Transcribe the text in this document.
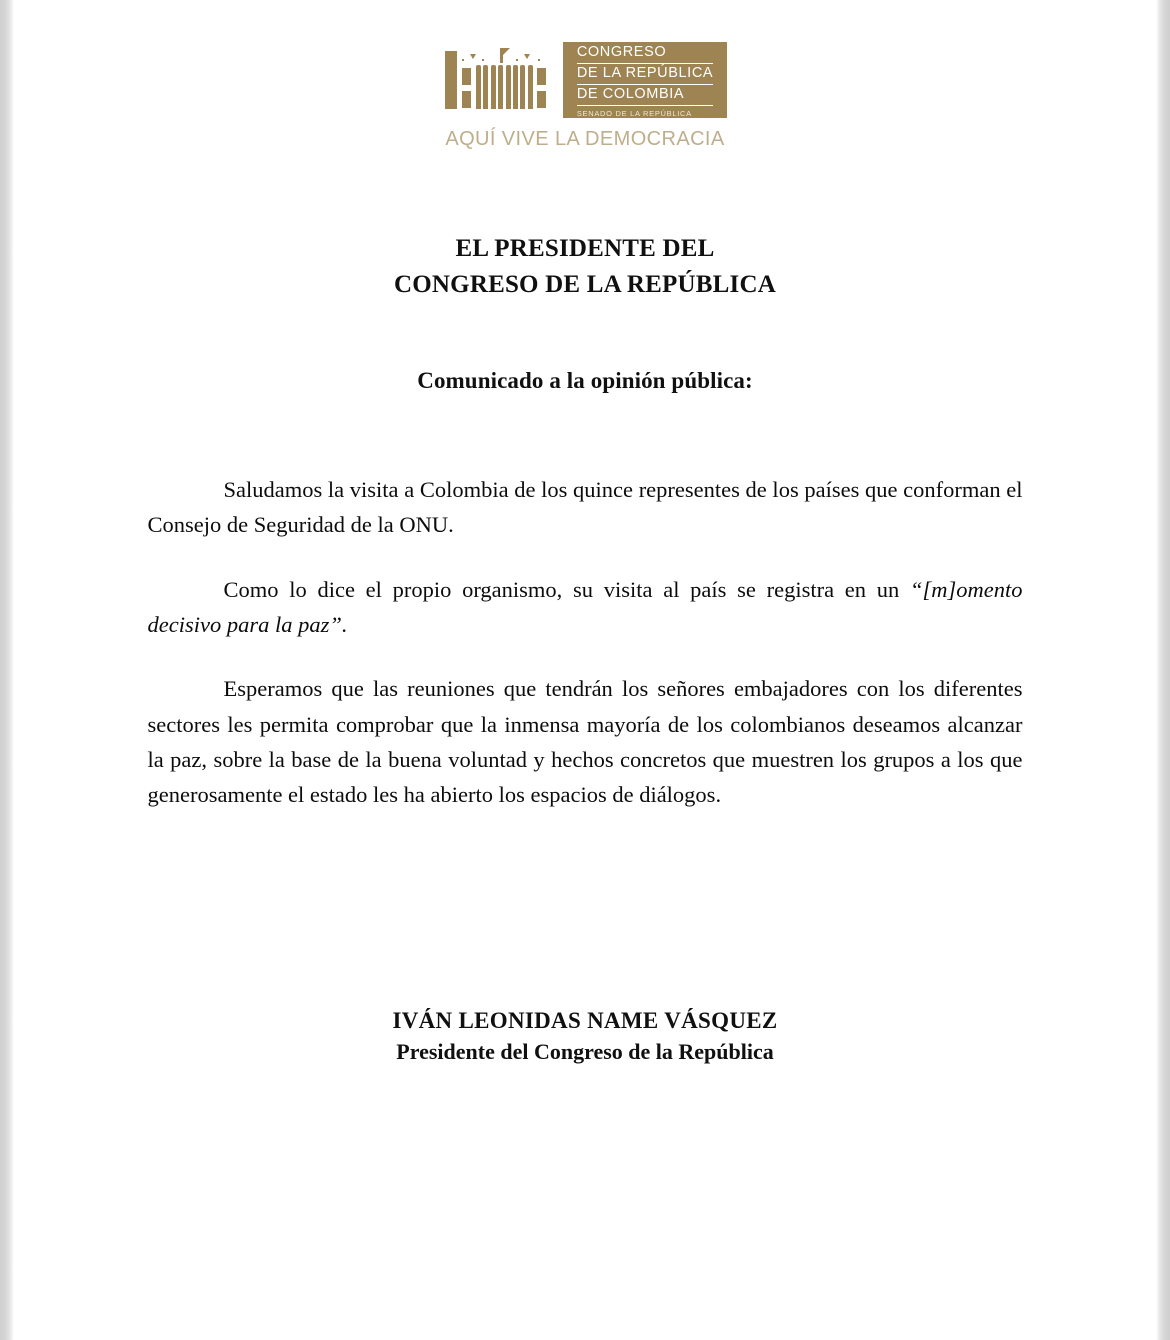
CONGRESO
DE LA REPÚBLICA
DE COLOMBIA
SENADO DE LA REPÚBLICA
AQUÍ VIVE LA DEMOCRACIA
EL PRESIDENTE DEL
CONGRESO DE LA REPÚBLICA
Comunicado a la opinión pública:

Saludamos la visita a Colombia de los quince representes de los países que conforman el Consejo de Seguridad de la ONU.

Como lo dice el propio organismo, su visita al país se registra en un “[m]omento decisivo para la paz”.

Esperamos que las reuniones que tendrán los señores embajadores con los diferentes sectores les permita comprobar que la inmensa mayoría de los colombianos deseamos alcanzar la paz, sobre la base de la buena voluntad y hechos concretos que muestren los grupos a los que generosamente el estado les ha abierto los espacios de diálogos.

IVÁN LEONIDAS NAME VÁSQUEZ
Presidente del Congreso de la República
